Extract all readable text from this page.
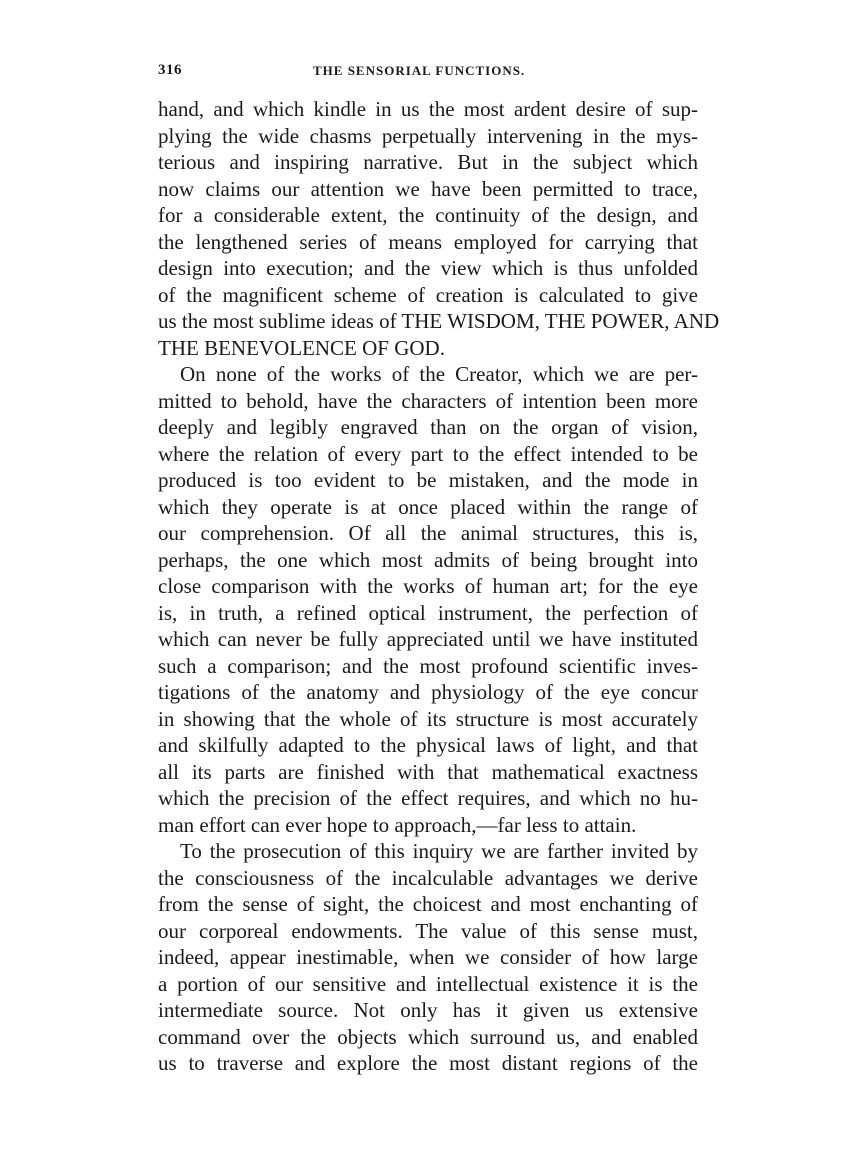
316	THE SENSORIAL FUNCTIONS.
hand, and which kindle in us the most ardent desire of sup-
plying the wide chasms perpetually intervening in the mys-
terious and inspiring narrative. But in the subject which
now claims our attention we have been permitted to trace,
for a considerable extent, the continuity of the design, and
the lengthened series of means employed for carrying that
design into execution; and the view which is thus unfolded
of the magnificent scheme of creation is calculated to give
us the most sublime ideas of THE WISDOM, THE POWER, AND
THE BENEVOLENCE OF GOD.
On none of the works of the Creator, which we are per-
mitted to behold, have the characters of intention been more
deeply and legibly engraved than on the organ of vision,
where the relation of every part to the effect intended to be
produced is too evident to be mistaken, and the mode in
which they operate is at once placed within the range of
our comprehension. Of all the animal structures, this is,
perhaps, the one which most admits of being brought into
close comparison with the works of human art; for the eye
is, in truth, a refined optical instrument, the perfection of
which can never be fully appreciated until we have instituted
such a comparison; and the most profound scientific inves-
tigations of the anatomy and physiology of the eye concur
in showing that the whole of its structure is most accurately
and skilfully adapted to the physical laws of light, and that
all its parts are finished with that mathematical exactness
which the precision of the effect requires, and which no hu-
man effort can ever hope to approach,—far less to attain.
To the prosecution of this inquiry we are farther invited by
the consciousness of the incalculable advantages we derive
from the sense of sight, the choicest and most enchanting of
our corporeal endowments. The value of this sense must,
indeed, appear inestimable, when we consider of how large
a portion of our sensitive and intellectual existence it is the
intermediate source. Not only has it given us extensive
command over the objects which surround us, and enabled
us to traverse and explore the most distant regions of the
